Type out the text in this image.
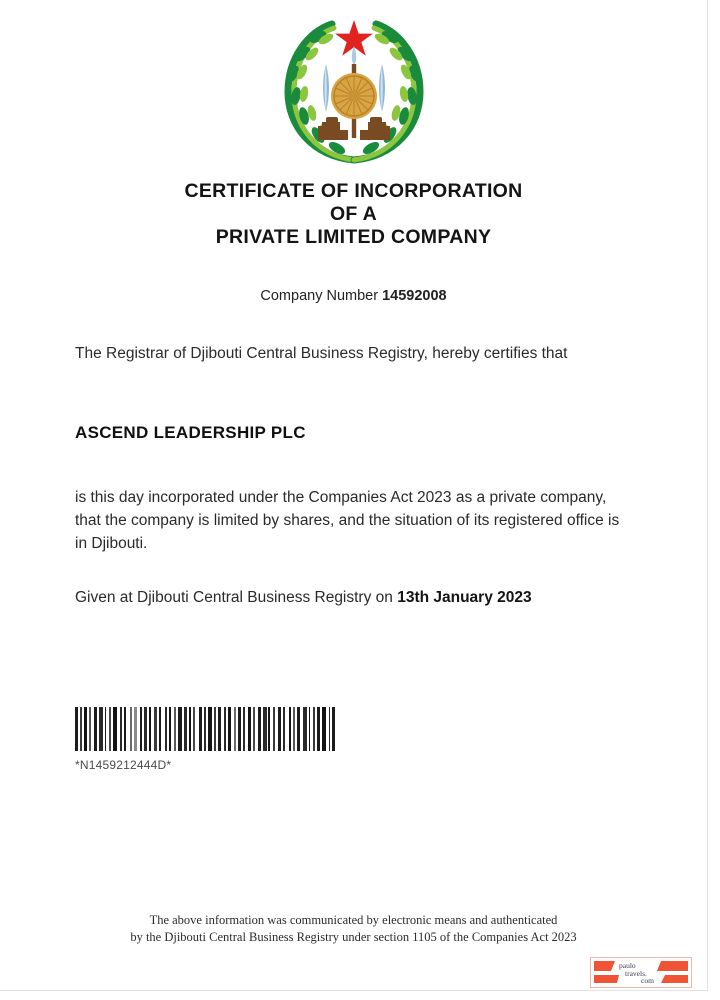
CERTIFICATE OF INCORPORATION
OF A
PRIVATE LIMITED COMPANY
Company Number 14592008
The Registrar of Djibouti Central Business Registry, hereby certifies that
ASCEND LEADERSHIP PLC
is this day incorporated under the Companies Act 2023 as a private company, that the company is limited by shares, and the situation of its registered office is in Djibouti.
Given at Djibouti Central Business Registry on 13th January 2023
*N1459212444D*
The above information was communicated by electronic means and authenticated
by the Djibouti Central Business Registry under section 1105 of the Companies Act 2023
paulo
travels.
com
